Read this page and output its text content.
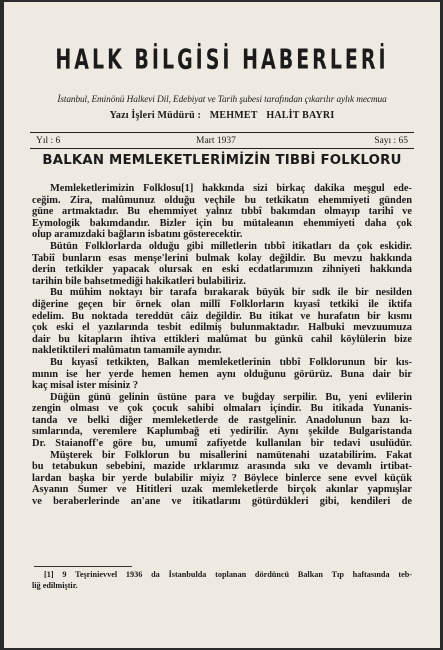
HALK BİLGİSİ HABERLERİ
İstanbul, Eminönü Halkevi Dil, Edebiyat ve Tarih şubesi tarafından çıkarılır aylık mecmua
Yazı İşleri Müdürü : MEHMET HALİT BAYRI
Yıl : 6	Mart 1937	Sayı : 65
BALKAN MEMLEKETLERİMİZİN TIBBİ FOLKLORU
Memleketlerimizin Folklosu[1] hakkında sizi birkaç dakika meşgul ede-
ceğim. Zira, malûmunuz olduğu veçhile bu tetkikatın ehemmiyeti günden
güne artmaktadır. Bu ehemmiyet yalnız tıbbî bakımdan olmayıp tarihî ve
Eymologik bakımdandır. Bizler için bu mütaleanın ehemmiyeti daha çok
olup aramızdaki bağların isbatını gösterecektir.
Bütün Folklorlarda olduğu gibi milletlerin tıbbî itikatları da çok eskidir.
Tabiî bunların esas menşe'lerini bulmak kolay değildir. Bu mevzu hakkında
derin tetkikler yapacak olursak en eski ecdatlarımızın zihniyeti hakkında
tarihin bile bahsetmediği hakikatleri bulabiliriz.
Bu mühim noktayı bir tarafa bırakarak büyük bir sıdk ile bir nesilden
diğerine geçen bir örnek olan millî Folklorların kıyasî tetkiki ile iktifa
edelim. Bu noktada tereddüt câiz değildir. Bu itikat ve hurafatın bir kısmı
çok eski el yazılarında tesbit edilmiş bulunmaktadır. Halbuki mevzuumuza
dair bu kitapların ihtiva ettikleri malûmat bu günkü cahil köylülerin bize
nakletiktileri malûmatın tamamile aynıdır.
Bu kıyasî tetkikten, Balkan memleketlerinin tıbbî Folklorunun bir kıs-
mının ise her yerde hemen hemen aynı olduğunu görürüz. Buna dair bir
kaç misal ister misiniz ?
Düğün günü gelinin üstüne para ve buğday serpilir. Bu, yeni evlilerin
zengin olması ve çok çocuk sahibi olmaları içindir. Bu itikada Yunanis-
tanda ve belki diğer memleketlerde de rastgelinir. Anadolunun bazı kı-
sımlarında, veremlere Kaplumbağ eti yedirilir. Aynı şekilde Bulgaristanda
Dr. Staianoff'e göre bu, umumî zafiyetde kullanılan bir tedavi usulüdür.
Müşterek bir Folklorun bu misallerini namütenahi uzatabilirim. Fakat
bu tetabukun sebebini, mazide ırklarımız arasında sıkı ve devamlı irtibat-
lardan başka bir yerde bulabilir miyiz ? Böylece binlerce sene evvel küçük
Asyanın Sumer ve Hititleri uzak memleketlerde birçok akınlar yapmışlar
ve beraberlerinde an'ane ve itikatlarını götürdükleri gibi, kendileri de
[1] 9 Teşrinievvel 1936 da İstanbulda toplanan dördüncü Balkan Tıp haftasında teb-
liğ edilmiştir.
